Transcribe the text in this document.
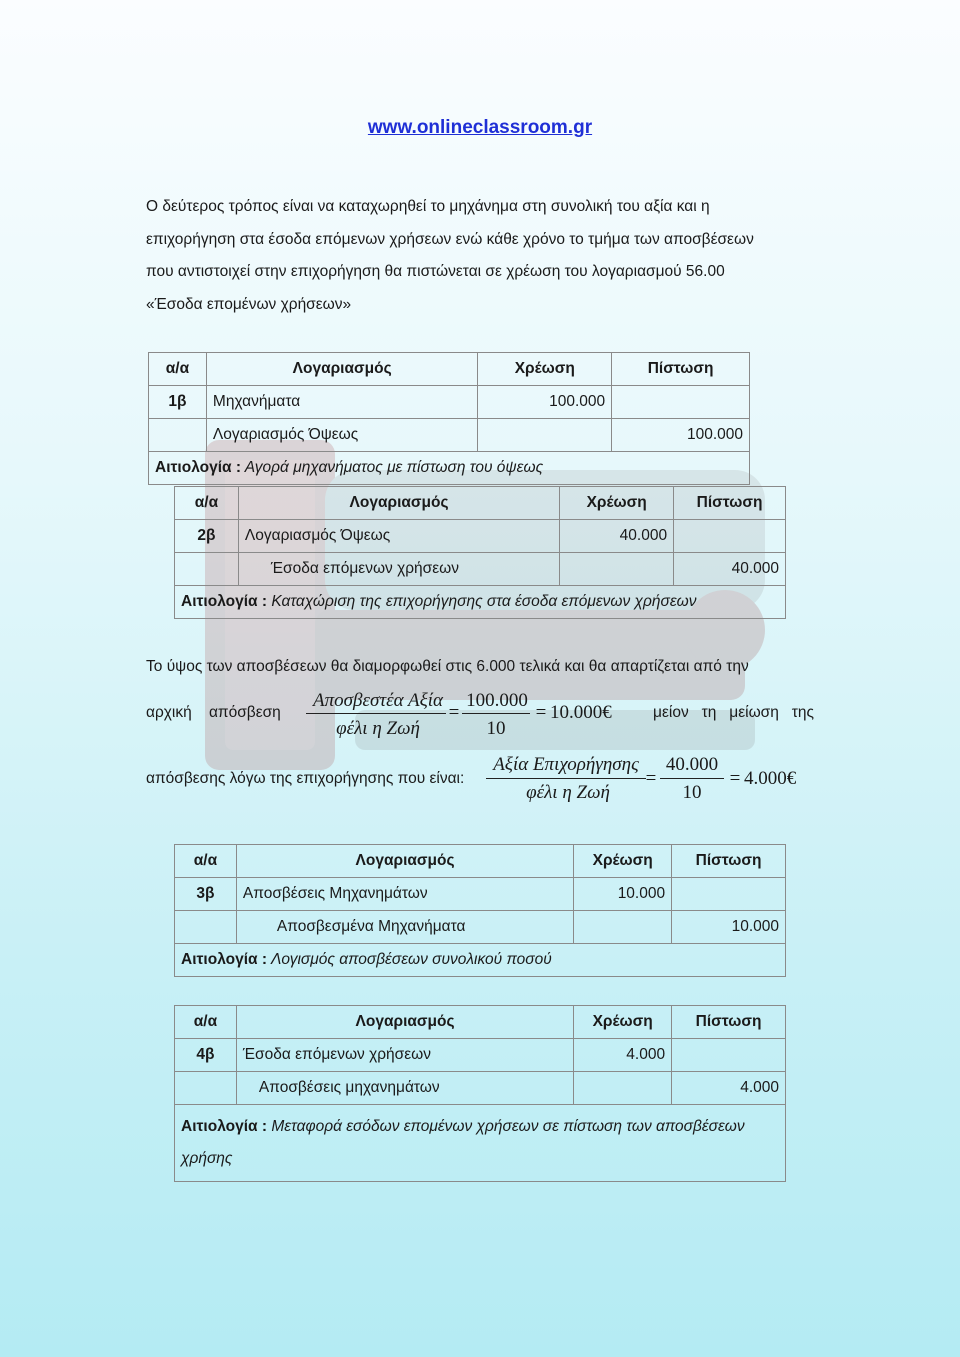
www.onlineclassroom.gr

Ο δεύτερος τρόπος είναι να καταχωρηθεί το μηχάνημα στη συνολική του αξία και η

επιχορήγηση στα έσοδα επόμενων χρήσεων ενώ κάθε χρόνο το τμήμα των αποσβέσεων

που αντιστοιχεί στην επιχορήγηση θα πιστώνεται σε χρέωση του λογαριασμού 56.00

«Έσοδα επομένων χρήσεων»

α/α	Λογαριασμός	Χρέωση	Πίστωση
1β	Μηχανήματα	100.000	
	Λογαριασμός Όψεως		100.000
Αιτιολογία : Αγορά μηχανήματος με πίστωση του όψεως			
α/α	Λογαριασμός	Χρέωση	Πίστωση
2β	Λογαριασμός Όψεως	40.000	
	Έσοδα επόμενων χρήσεων		40.000
Αιτιολογία : Καταχώριση της επιχορήγησης στα έσοδα επόμενων χρήσεων			
Το ύψος των αποσβέσεων θα διαμορφωθεί στις 6.000 τελικά και θα απαρτίζεται από την
αρχική    απόσβεση
Αποσβεστέα Αξία 100.000
=
φέλι η Ζωή	10
= 10.000€	μείον   τη   μείωση   της
απόσβεσης λόγω της επιχορήγησης που είναι:
Αξία Επιχορήγησης	40.000
=
φέλι η Ζωή	10
= 4.000€
α/α	Λογαριασμός	Χρέωση	Πίστωση
3β	Αποσβέσεις Μηχανημάτων	10.000	
	Αποσβεσμένα Μηχανήματα		10.000
Αιτιολογία : Λογισμός αποσβέσεων συνολικού ποσού			
α/α	Λογαριασμός	Χρέωση	Πίστωση
4β	Έσοδα επόμενων χρήσεων	4.000	
	Αποσβέσεις μηχανημάτων		4.000
Αιτιολογία : Μεταφορά εσόδων επομένων χρήσεων σε πίστωση των αποσβέσεων
χρήσης			
